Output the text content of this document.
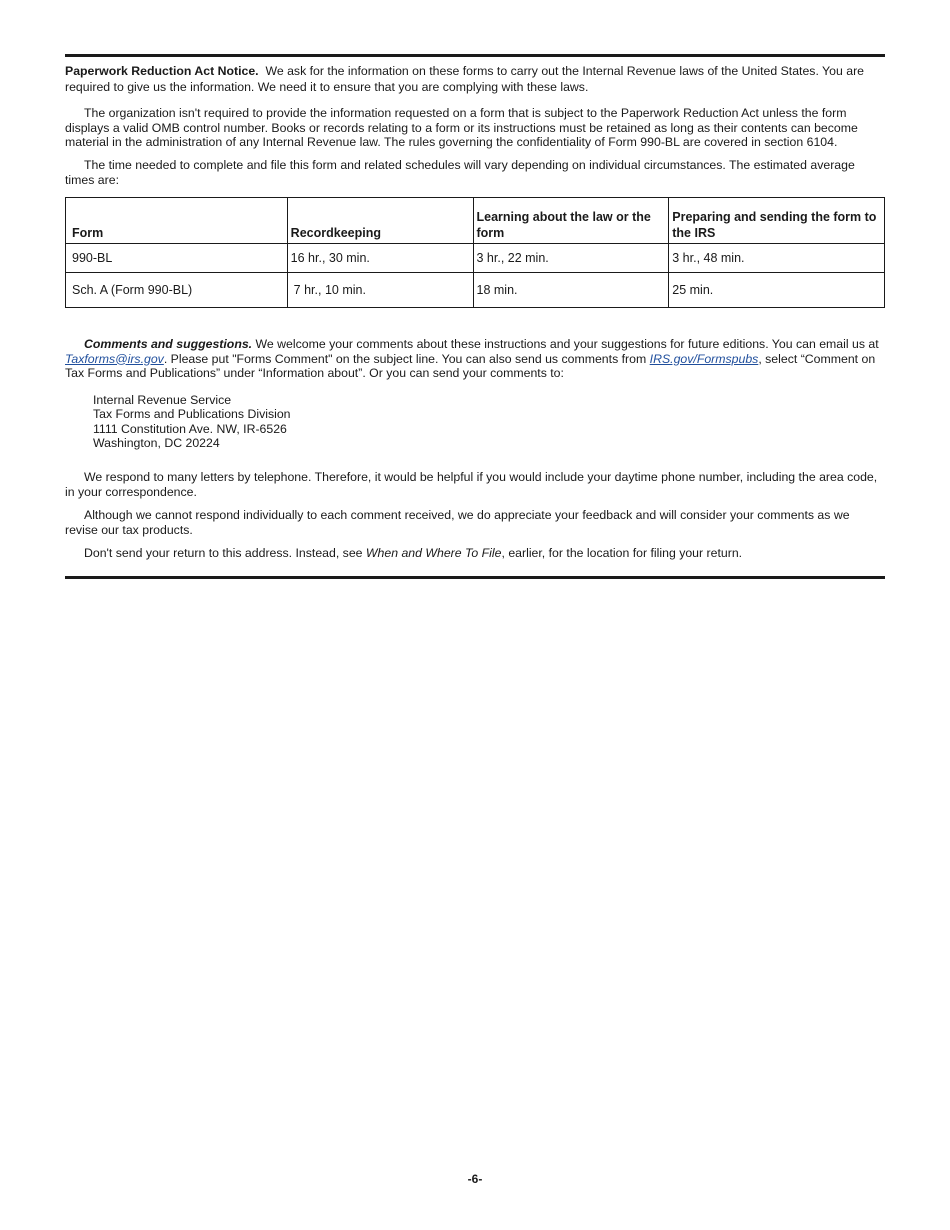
Paperwork Reduction Act Notice. We ask for the information on these forms to carry out the Internal Revenue laws of the United States. You are required to give us the information. We need it to ensure that you are complying with these laws.

The organization isn't required to provide the information requested on a form that is subject to the Paperwork Reduction Act unless the form displays a valid OMB control number. Books or records relating to a form or its instructions must be retained as long as their contents can become material in the administration of any Internal Revenue law. The rules governing the confidentiality of Form 990-BL are covered in section 6104.

The time needed to complete and file this form and related schedules will vary depending on individual circumstances. The estimated average times are:

Form	Recordkeeping	Learning about the law or the form	Preparing and sending the form to the IRS
990-BL	16 hr., 30 min.	3 hr., 22 min.	3 hr., 48 min.
Sch. A (Form 990-BL)	7 hr., 10 min.	18 min.	25 min.

Comments and suggestions. We welcome your comments about these instructions and your suggestions for future editions. You can email us at Taxforms@irs.gov. Please put "Forms Comment" on the subject line. You can also send us comments from IRS.gov/Formspubs, select “Comment on Tax Forms and Publications” under “Information about”. Or you can send your comments to:

Internal Revenue Service
Tax Forms and Publications Division
1111 Constitution Ave. NW, IR-6526
Washington, DC 20224

We respond to many letters by telephone. Therefore, it would be helpful if you would include your daytime phone number, including the area code, in your correspondence.

Although we cannot respond individually to each comment received, we do appreciate your feedback and will consider your comments as we revise our tax products.

Don't send your return to this address. Instead, see When and Where To File, earlier, for the location for filing your return.

-6-
